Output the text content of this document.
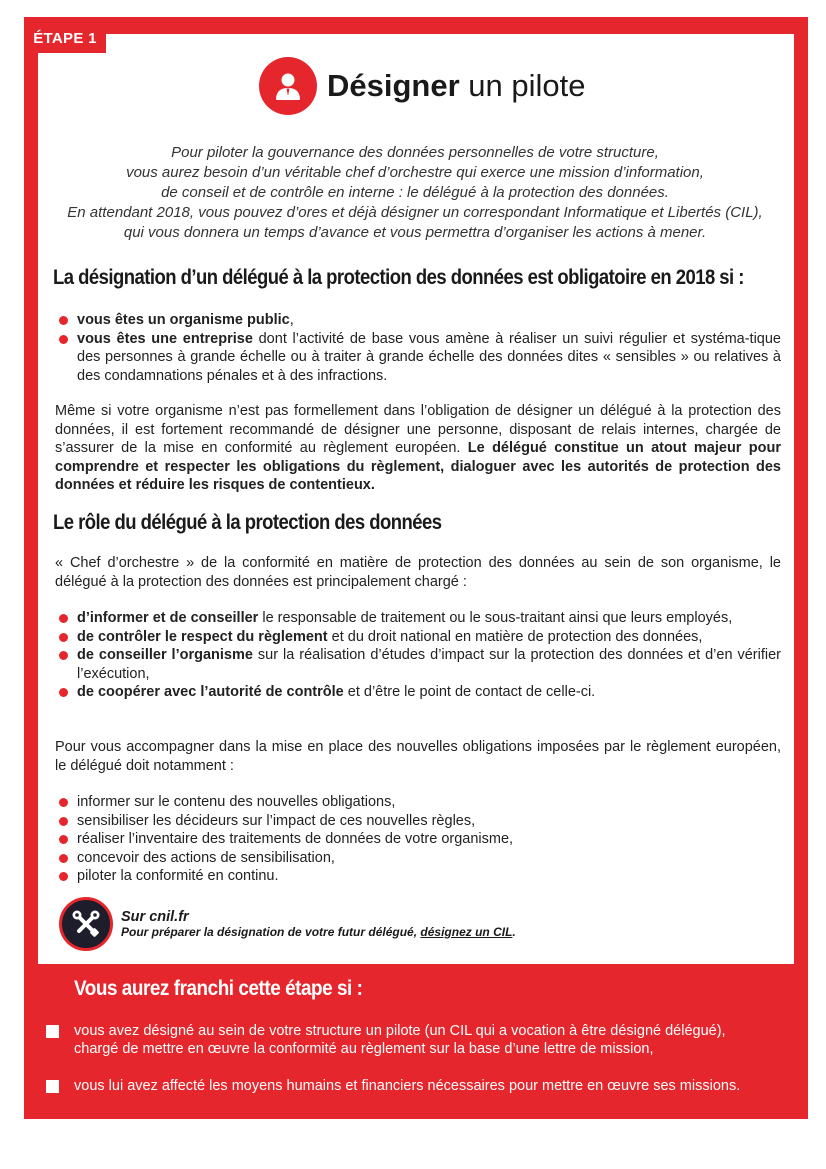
ÉTAPE 1
Désigner un pilote
Pour piloter la gouvernance des données personnelles de votre structure,
vous aurez besoin d’un véritable chef d’orchestre qui exerce une mission d’information,
de conseil et de contrôle en interne : le délégué à la protection des données.
En attendant 2018, vous pouvez d’ores et déjà désigner un correspondant Informatique et Libertés (CIL),
qui vous donnera un temps d’avance et vous permettra d’organiser les actions à mener.
La désignation d’un délégué à la protection des données est obligatoire en 2018 si :
vous êtes un organisme public,
vous êtes une entreprise dont l’activité de base vous amène à réaliser un suivi régulier et systéma-tique des personnes à grande échelle ou à traiter à grande échelle des données dites « sensibles » ou relatives à des condamnations pénales et à des infractions.
Même si votre organisme n’est pas formellement dans l’obligation de désigner un délégué à la protection des données, il est fortement recommandé de désigner une personne, disposant de relais internes, chargée de s’assurer de la mise en conformité au règlement européen. Le délégué constitue un atout majeur pour comprendre et respecter les obligations du règlement, dialoguer avec les autorités de protection des données et réduire les risques de contentieux.
Le rôle du délégué à la protection des données
« Chef d’orchestre » de la conformité en matière de protection des données au sein de son organisme, le délégué à la protection des données est principalement chargé :
d’informer et de conseiller le responsable de traitement ou le sous-traitant ainsi que leurs employés,
de contrôler le respect du règlement et du droit national en matière de protection des données,
de conseiller l’organisme sur la réalisation d’études d’impact sur la protection des données et d’en vérifier l’exécution,
de coopérer avec l’autorité de contrôle et d’être le point de contact de celle-ci.
Pour vous accompagner dans la mise en place des nouvelles obligations imposées par le règlement européen, le délégué doit notamment :
informer sur le contenu des nouvelles obligations,
sensibiliser les décideurs sur l’impact de ces nouvelles règles,
réaliser l’inventaire des traitements de données de votre organisme,
concevoir des actions de sensibilisation,
piloter la conformité en continu.
Sur cnil.fr
Pour préparer la désignation de votre futur délégué, désignez un CIL.
Vous aurez franchi cette étape si :
vous avez désigné au sein de votre structure un pilote (un CIL qui a vocation à être désigné délégué), chargé de mettre en œuvre la conformité au règlement sur la base d’une lettre de mission,
vous lui avez affecté les moyens humains et financiers nécessaires pour mettre en œuvre ses missions.
